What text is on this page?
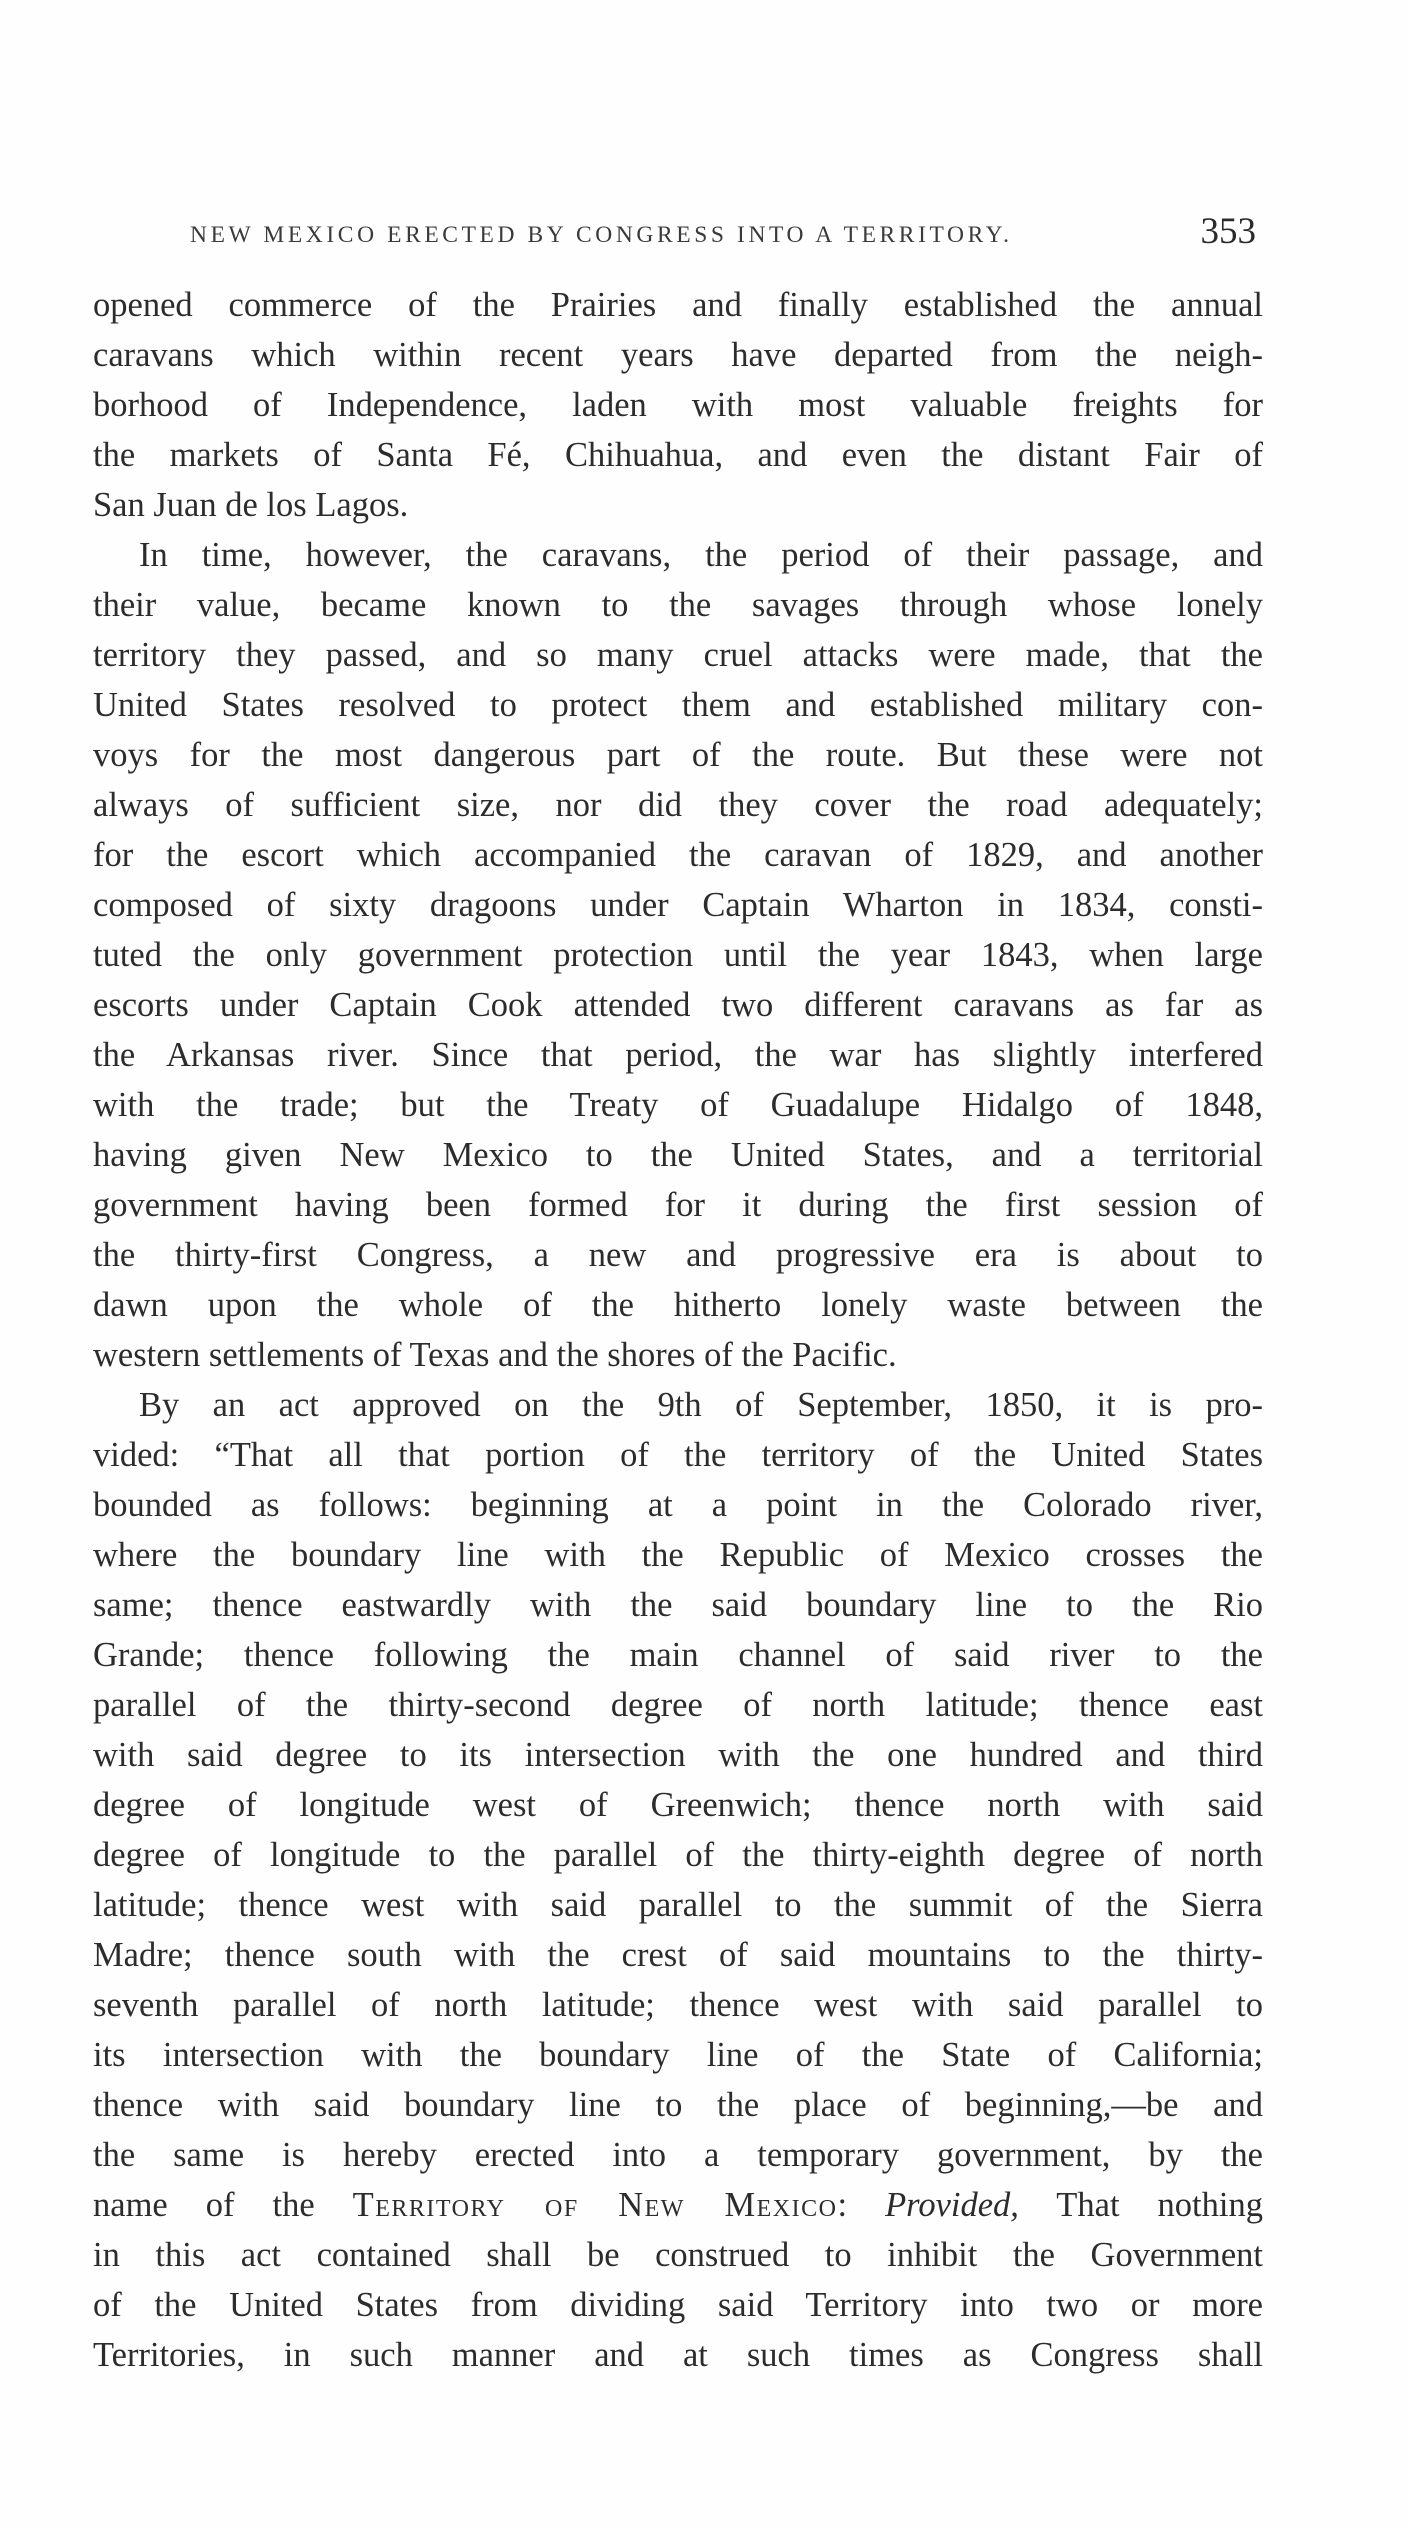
NEW MEXICO ERECTED BY CONGRESS INTO A TERRITORY.	353
opened commerce of the Prairies and finally established the annual
caravans which within recent years have departed from the neigh-
borhood of Independence, laden with most valuable freights for
the markets of Santa Fé, Chihuahua, and even the distant Fair of
San Juan de los Lagos.
In time, however, the caravans, the period of their passage, and
their value, became known to the savages through whose lonely
territory they passed, and so many cruel attacks were made, that the
United States resolved to protect them and established military con-
voys for the most dangerous part of the route. But these were not
always of sufficient size, nor did they cover the road adequately;
for the escort which accompanied the caravan of 1829, and another
composed of sixty dragoons under Captain Wharton in 1834, consti-
tuted the only government protection until the year 1843, when large
escorts under Captain Cook attended two different caravans as far as
the Arkansas river. Since that period, the war has slightly interfered
with the trade; but the Treaty of Guadalupe Hidalgo of 1848,
having given New Mexico to the United States, and a territorial
government having been formed for it during the first session of
the thirty-first Congress, a new and progressive era is about to
dawn upon the whole of the hitherto lonely waste between the
western settlements of Texas and the shores of the Pacific.
By an act approved on the 9th of September, 1850, it is pro-
vided: “That all that portion of the territory of the United States
bounded as follows: beginning at a point in the Colorado river,
where the boundary line with the Republic of Mexico crosses the
same; thence eastwardly with the said boundary line to the Rio
Grande; thence following the main channel of said river to the
parallel of the thirty-second degree of north latitude; thence east
with said degree to its intersection with the one hundred and third
degree of longitude west of Greenwich; thence north with said
degree of longitude to the parallel of the thirty-eighth degree of north
latitude; thence west with said parallel to the summit of the Sierra
Madre; thence south with the crest of said mountains to the thirty-
seventh parallel of north latitude; thence west with said parallel to
its intersection with the boundary line of the State of California;
thence with said boundary line to the place of beginning,—be and
the same is hereby erected into a temporary government, by the
name of the Territory of New Mexico: Provided, That nothing
in this act contained shall be construed to inhibit the Government
of the United States from dividing said Territory into two or more
Territories, in such manner and at such times as Congress shall
